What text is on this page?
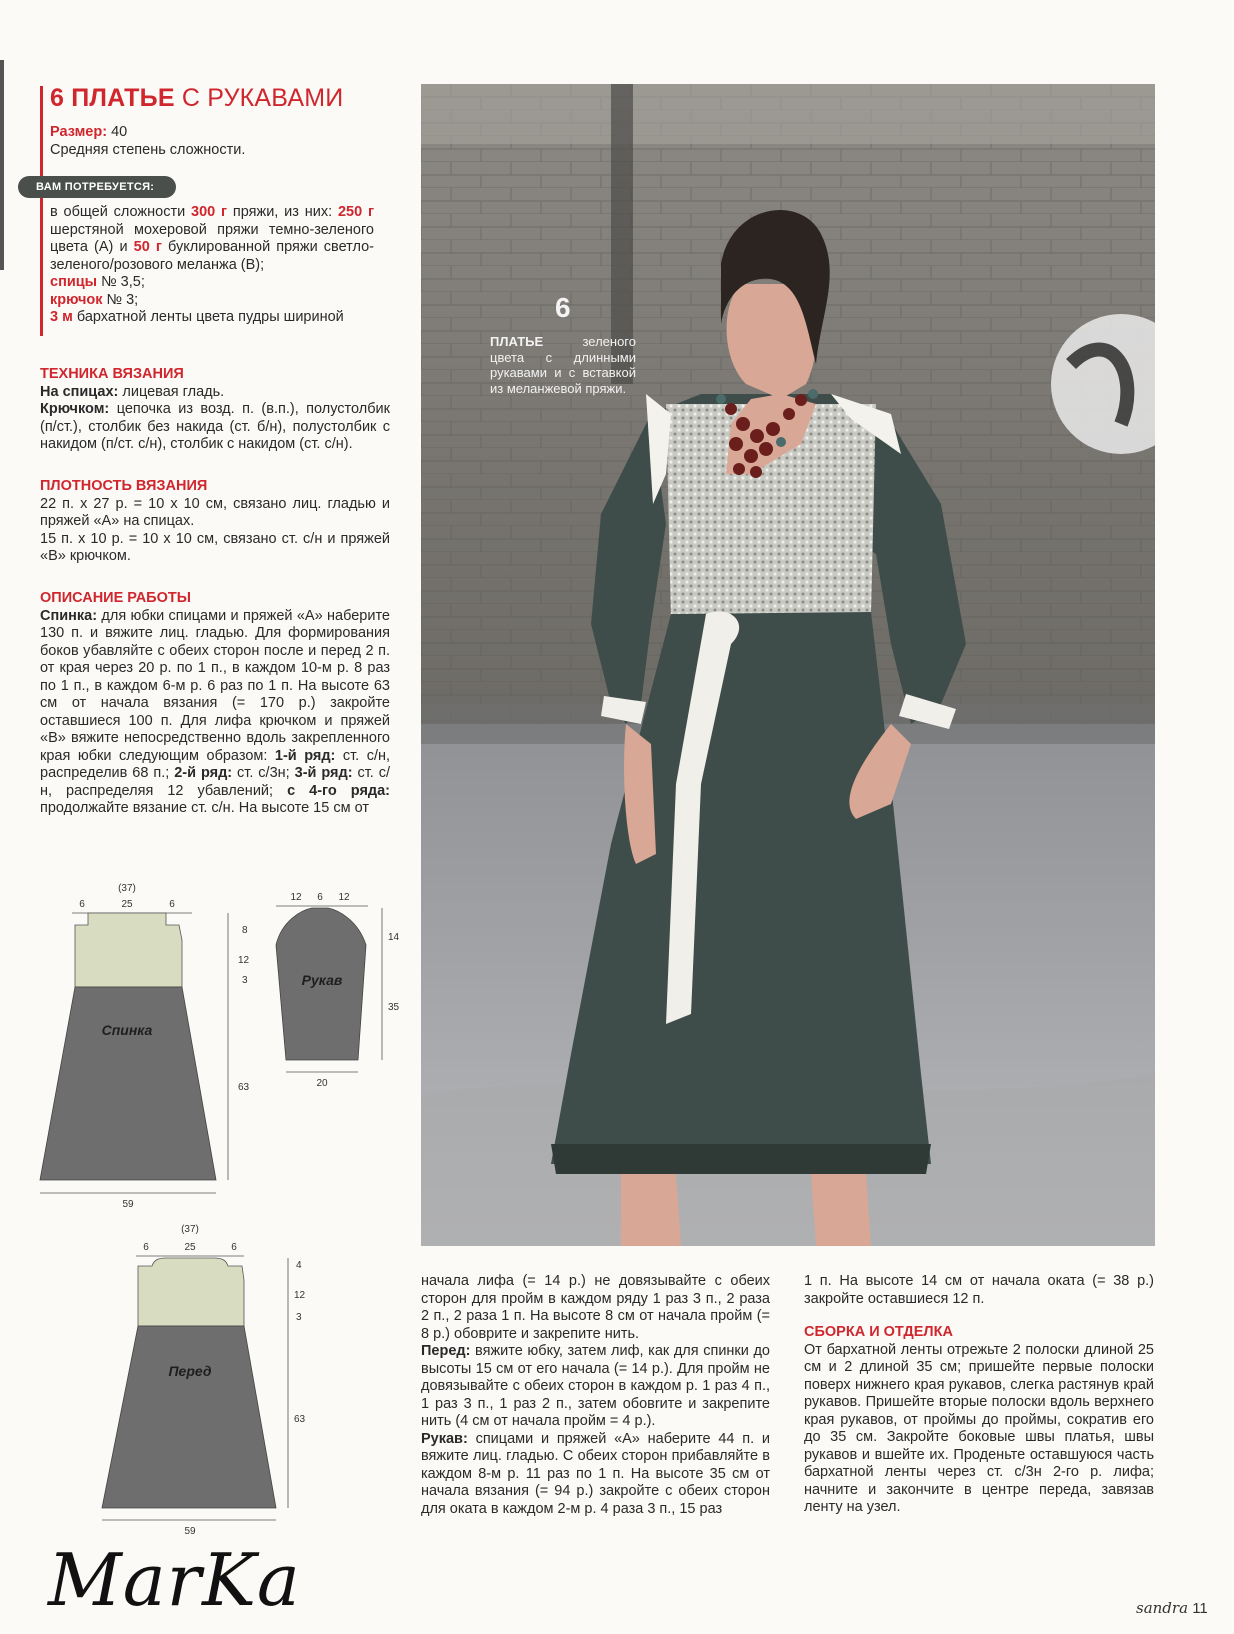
6 ПЛАТЬЕ С РУКАВАМИ
Размер: 40
Средняя степень сложности.
ВАМ ПОТРЕБУЕТСЯ:
в общей сложности 300 г пряжи, из них: 250 г шерстяной мохеровой пряжи темно-зеленого цвета (А) и 50 г буклированной пряжи светло-зеленого/розового меланжа (В);
спицы № 3,5;
крючок № 3;
3 м бархатной ленты цвета пудры шириной

ТЕХНИКА ВЯЗАНИЯ

На спицах: лицевая гладь.
Крючком: цепочка из возд. п. (в.п.), полустолбик (п/ст.), столбик без накида (ст. б/н), полустолбик с накидом (п/ст. с/н), столбик с накидом (ст. с/н).

ПЛОТНОСТЬ ВЯЗАНИЯ

22 п. х 27 р. = 10 х 10 см, связано лиц. гладью и пряжей «А» на спицах.
15 п. х 10 р. = 10 х 10 см, связано ст. с/н и пряжей «В» крючком.

ОПИСАНИЕ РАБОТЫ

Спинка: для юбки спицами и пряжей «А» наберите 130 п. и вяжите лиц. гладью. Для формирования боков убавляйте с обеих сторон после и перед 2 п. от края через 20 р. по 1 п., в каждом 10-м р. 8 раз по 1 п., в каждом 6-м р. 6 раз по 1 п. На высоте 63 см от начала вязания (= 170 р.) закройте оставшиеся 100 п. Для лифа крючком и пряжей «В» вяжите непосредственно вдоль закрепленного края юбки следующим образом: 1-й ряд: ст. с/н, распределив 68 п.; 2-й ряд: ст. с/3н; 3-й ряд: ст. с/н, распределяя 12 убавлений; с 4-го ряда: продолжайте вязание ст. с/н. На высоте 15 см от
6
ПЛАТЬЕ зеленого цвета с длинными рукавами и с вставкой из меланжевой пряжи.
(37)
6	25	6
Спинка
8
12
3
63
59
12 6 12
Рукав
14
35
20
(37)
6	25	6
Перед
4
12
3
63
59
начала лифа (= 14 р.) не довязывайте с обеих сторон для пройм в каждом ряду 1 раз 3 п., 2 раза 2 п., 2 раза 1 п. На высоте 8 см от начала пройм (= 8 р.) обоврите и закрепите нить.
Перед: вяжите юбку, затем лиф, как для спинки до высоты 15 см от его начала (= 14 р.). Для пройм не довязывайте с обеих сторон в каждом р. 1 раз 4 п., 1 раз 3 п., 1 раз 2 п., затем обовrите и закрепите нить (4 см от начала пройм = 4 р.).
Рукав: спицами и пряжей «А» наберите 44 п. и вяжите лиц. гладью. С обеих сторон прибавляйте в каждом 8-м р. 11 раз по 1 п. На высоте 35 см от начала вязания (= 94 р.) закройте с обеих сторон для оката в каждом 2-м р. 4 раза 3 п., 15 раз
1 п. На высоте 14 см от начала оката (= 38 р.) закройте оставшиеся 12 п.

СБОРКА И ОТДЕЛКА

От бархатной ленты отрежьте 2 полоски длиной 25 см и 2 длиной 35 см; пришейте первые полоски поверх нижнего края рукавов, слегка растянув край рукавов. Пришейте вторые полоски вдоль верхнего края рукавов, от проймы до проймы, сократив его до 35 см. Закройте боковые швы платья, швы рукавов и вшейте их. Проденьте оставшуюся часть бархатной ленты через ст. с/3н 2-го р. лифа; начните и закончите в центре переда, завязав ленту на узел.
MarKa	sandra 11
